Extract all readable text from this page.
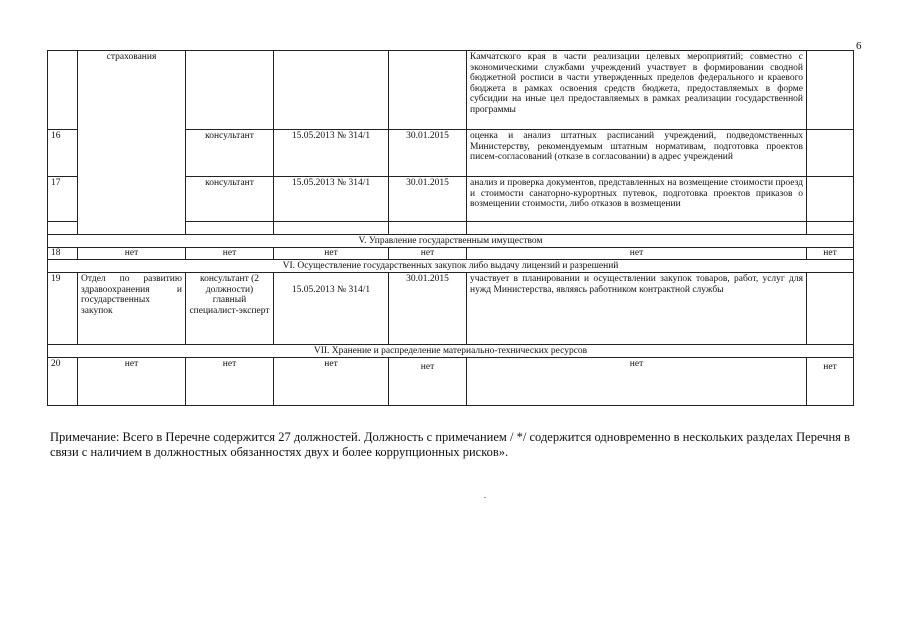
6
	страхования				Камчатского края в части реализации целевых мероприятий; совместно с экономическими службами учреждений участвует в формировании сводной бюджетной росписи в части утвержденных пределов федерального и краевого бюджета в рамках освоения средств бюджета, предоставляемых в форме субсидии на иные цел предоставляемых в рамках реализации государственной программы	
16		консультант	15.05.2013 № 314/1	30.01.2015	оценка и анализ штатных расписаний учреждений, подведомственных Министерству, рекомендуемым штатным нормативам, подготовка проектов писем-согласований (отказе в согласовании) в адрес учреждений	
17		консультант	15.05.2013 № 314/1	30.01.2015	анализ и проверка документов, представленных на возмещение стоимости проезд и стоимости санаторно-курортных путевок, подготовка проектов приказов о возмещении стоимости, либо отказов в возмещении	

V. Управление государственным имуществом						
18	нет	нет	нет	нет	нет	нет
VI. Осуществление государственных закупок либо выдачу лицензий и разрешений						
19	Отдел по развитию здравоохранения и государственных закупок	консультант (2 должности) главный специалист-эксперт	15.05.2013 № 314/1	30.01.2015	участвует в планировании и осуществлении закупок товаров, работ, услуг для нужд Министерства, являясь работником контрактной службы	
VII. Хранение и распределение материально-технических ресурсов						
20	нет	нет	нет	нет	нет	нет

Примечание: Всего в Перечне содержится 27 должностей. Должность с примечанием / */ содержится одновременно в нескольких разделах Перечня в связи с наличием в должностных обязанностях двух и более коррупционных рисков».
